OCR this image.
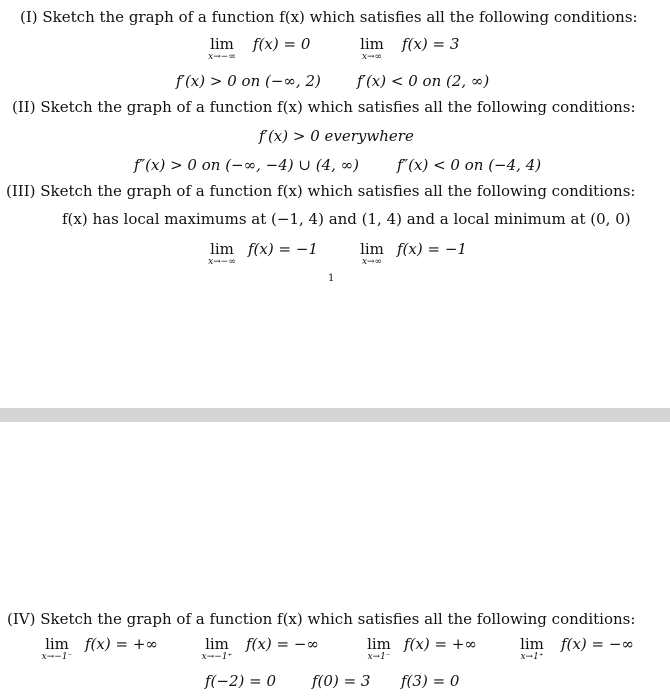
(I) Sketch the graph of a function f(x) which satisfies all the following conditions:
lim
x→−∞
f(x) = 0	lim
x→∞
f(x) = 3
f′(x) > 0 on (−∞, 2) f′(x) < 0 on (2, ∞)
(II) Sketch the graph of a function f(x) which satisfies all the following conditions:
f′(x) > 0 everywhere
f″(x) > 0 on (−∞, −4) ∪ (4, ∞)	f″(x) < 0 on (−4, 4)
(III) Sketch the graph of a function f(x) which satisfies all the following conditions:
f(x) has local maximums at (−1, 4) and (1, 4) and a local minimum at (0, 0)
lim
x→−∞
f(x) = −1	lim
x→∞
f(x) = −1
1
(IV) Sketch the graph of a function f(x) which satisfies all the following conditions:
lim
x→−1⁻
f(x) = +∞	lim
x→−1⁺
f(x) = −∞	lim
x→1⁻
f(x) = +∞	lim
x→1⁺
f(x) = −∞
f(−2) = 0 f(0) = 3 f(3) = 0
